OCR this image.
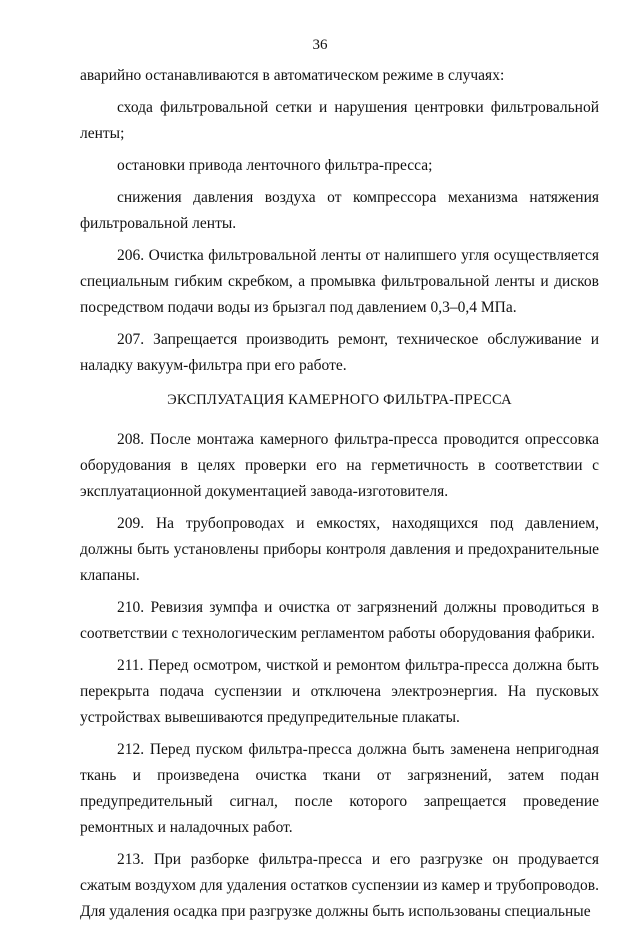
36

аварийно останавливаются в автоматическом режиме в случаях:

схода фильтровальной сетки и нарушения центровки фильтровальной ленты;

остановки привода ленточного фильтра-пресса;

снижения давления воздуха от компрессора механизма натяжения фильтровальной ленты.

206. Очистка фильтровальной ленты от налипшего угля осуществляется специальным гибким скребком, а промывка фильтровальной ленты и дисков посредством подачи воды из брызгал под давлением 0,3–0,4 МПа.

207. Запрещается производить ремонт, техническое обслуживание и наладку вакуум-фильтра при его работе.

ЭКСПЛУАТАЦИЯ КАМЕРНОГО ФИЛЬТРА-ПРЕССА

208. После монтажа камерного фильтра-пресса проводится опрессовка оборудования в целях проверки его на герметичность в соответствии с эксплуатационной документацией завода-изготовителя.

209. На трубопроводах и емкостях, находящихся под давлением, должны быть установлены приборы контроля давления и предохранительные клапаны.

210. Ревизия зумпфа и очистка от загрязнений должны проводиться в соответствии с технологическим регламентом работы оборудования фабрики.

211. Перед осмотром, чисткой и ремонтом фильтра-пресса должна быть перекрыта подача суспензии и отключена электроэнергия. На пусковых устройствах вывешиваются предупредительные плакаты.

212. Перед пуском фильтра-пресса должна быть заменена непригодная ткань и произведена очистка ткани от загрязнений, затем подан предупредительный сигнал, после которого запрещается проведение ремонтных и наладочных работ.

213. При разборке фильтра-пресса и его разгрузке он продувается сжатым воздухом для удаления остатков суспензии из камер и трубопроводов. Для удаления осадка при разгрузке должны быть использованы специальные
